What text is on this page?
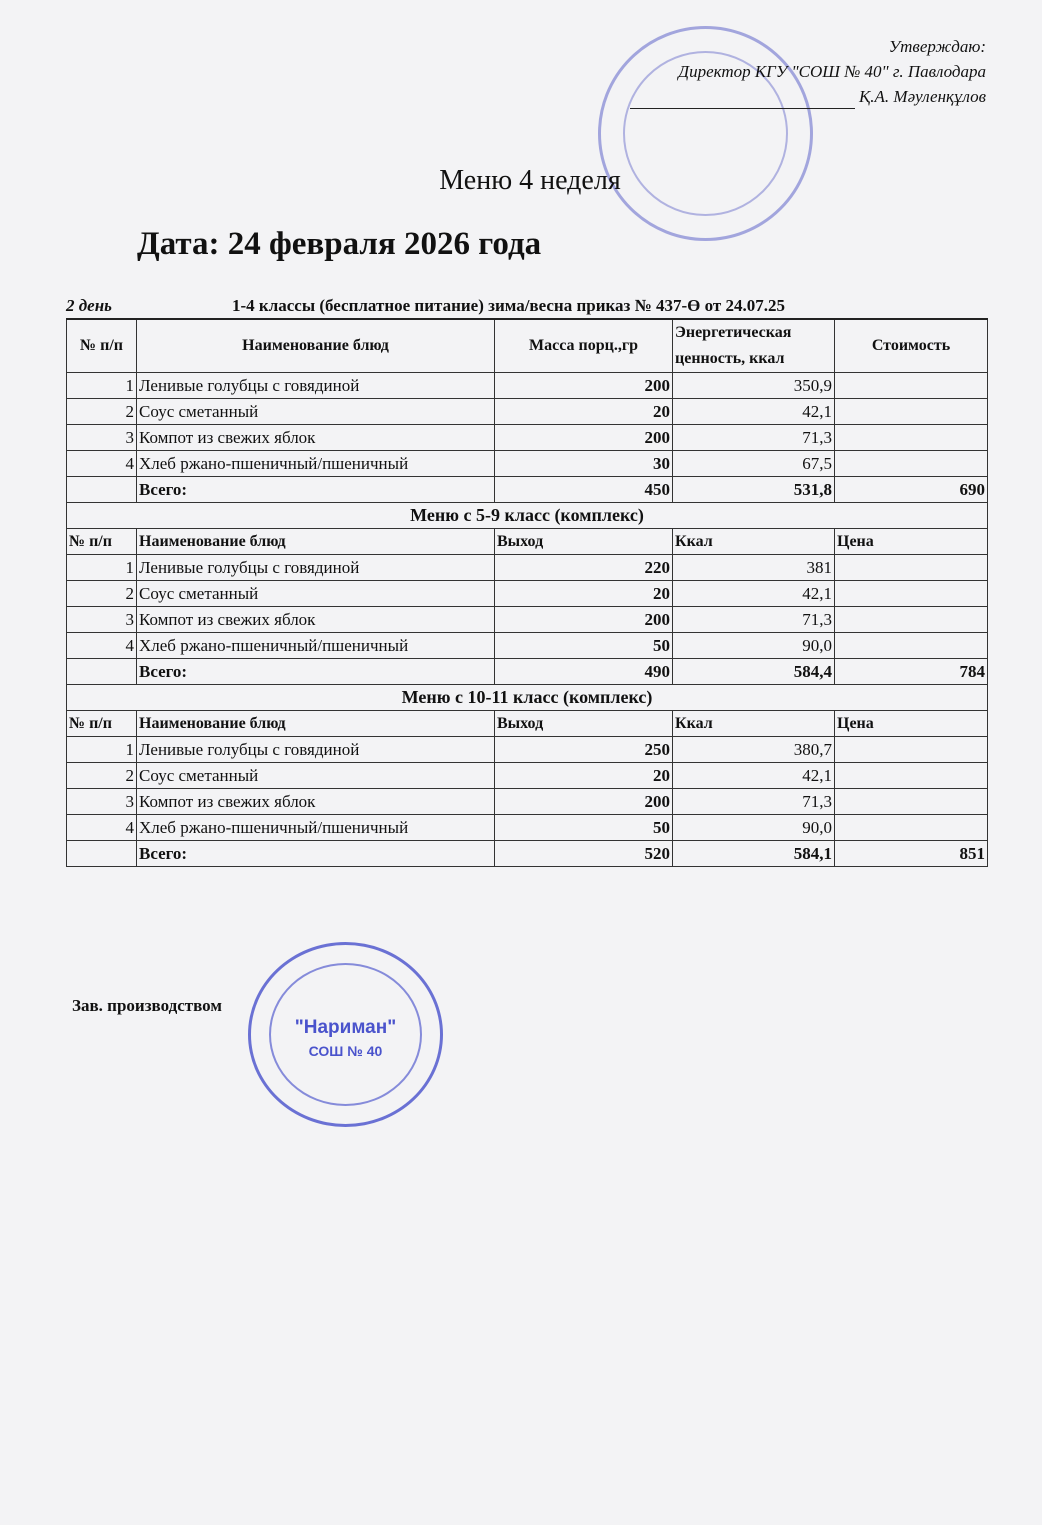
Утверждаю:
Директор КГУ "СОШ № 40" г. Павлодара
Қ.А. Мәуленқұлов
Меню 4 неделя
Дата: 24 февраля 2026 года
2 день	1-4 классы (бесплатное питание) зима/весна приказ № 437-Ө от 24.07.25
№ п/п	Наименование блюд	Масса порц.,гр	Энергетическая ценность, ккал	Стоимость
1	Ленивые голубцы с говядиной	200	350,9	
2	Соус сметанный	20	42,1	
3	Компот из свежих яблок	200	71,3	
4	Хлеб ржано-пшеничный/пшеничный	30	67,5	
	Всего:	450	531,8	690
Меню с 5-9 класс (комплекс)				
№ п/п	Наименование блюд	Выход	Ккал	Цена
1	Ленивые голубцы с говядиной	220	381	
2	Соус сметанный	20	42,1	
3	Компот из свежих яблок	200	71,3	
4	Хлеб ржано-пшеничный/пшеничный	50	90,0	
	Всего:	490	584,4	784
Меню с 10-11 класс (комплекс)				
№ п/п	Наименование блюд	Выход	Ккал	Цена
1	Ленивые голубцы с говядиной	250	380,7	
2	Соус сметанный	20	42,1	
3	Компот из свежих яблок	200	71,3	
4	Хлеб ржано-пшеничный/пшеничный	50	90,0	
	Всего:	520	584,1	851
Зав. производством
"Нариман"
СОШ № 40
